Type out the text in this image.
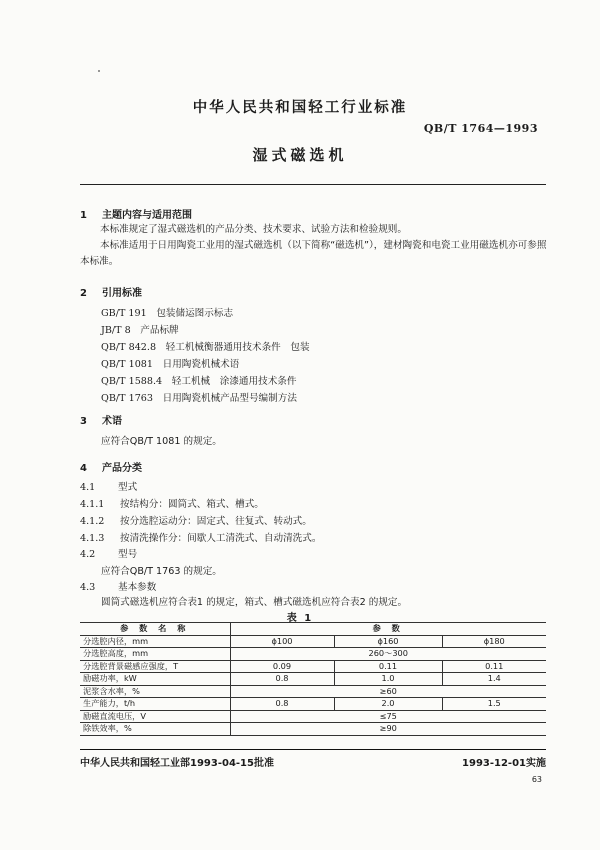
中华人民共和国轻工行业标准
QB/T 1764—1993
湿式磁选机
1 主题内容与适用范围

本标准规定了湿式磁选机的产品分类、技术要求、试验方法和检验规则。

本标准适用于日用陶瓷工业用的湿式磁选机（以下简称“磁选机”），建材陶瓷和电瓷工业用磁选机亦可参照本标准。

2 引用标准
GB/T 191　 包装储运图示标志
JB/T 8　 产品标牌
QB/T 842.8　 轻工机械衡器通用技术条件　包装
QB/T 1081　 日用陶瓷机械术语
QB/T 1588.4　 轻工机械　涂漆通用技术条件
QB/T 1763　 日用陶瓷机械产品型号编制方法
3 术语
应符合QB/T 1081 的规定。
4 产品分类
4.1 型式
4.1.1 按结构分：圆筒式、箱式、槽式。
4.1.2 按分选腔运动分：固定式、往复式、转动式。
4.1.3 按清洗操作分：间歇人工清洗式、自动清洗式。
4.2 型号
应符合QB/T 1763 的规定。
4.3 基本参数
圆筒式磁选机应符合表1 的规定，箱式、槽式磁选机应符合表2 的规定。
表 1
参 数 名 称	参 数		
分选腔内径，mm	ϕ100	ϕ160	ϕ180
分选腔高度，mm	260～300		
分选腔背景磁感应强度，T	0.09	0.11	0.11
励磁功率，kW	0.8	1.0	1.4
泥浆含水率，%	≥60		
生产能力，t/h	0.8	2.0	1.5
励磁直流电压，V	≤75		
除铁效率，%	≥90		
中华人民共和国轻工业部1993-04-15批准	1993-12-01实施
63
